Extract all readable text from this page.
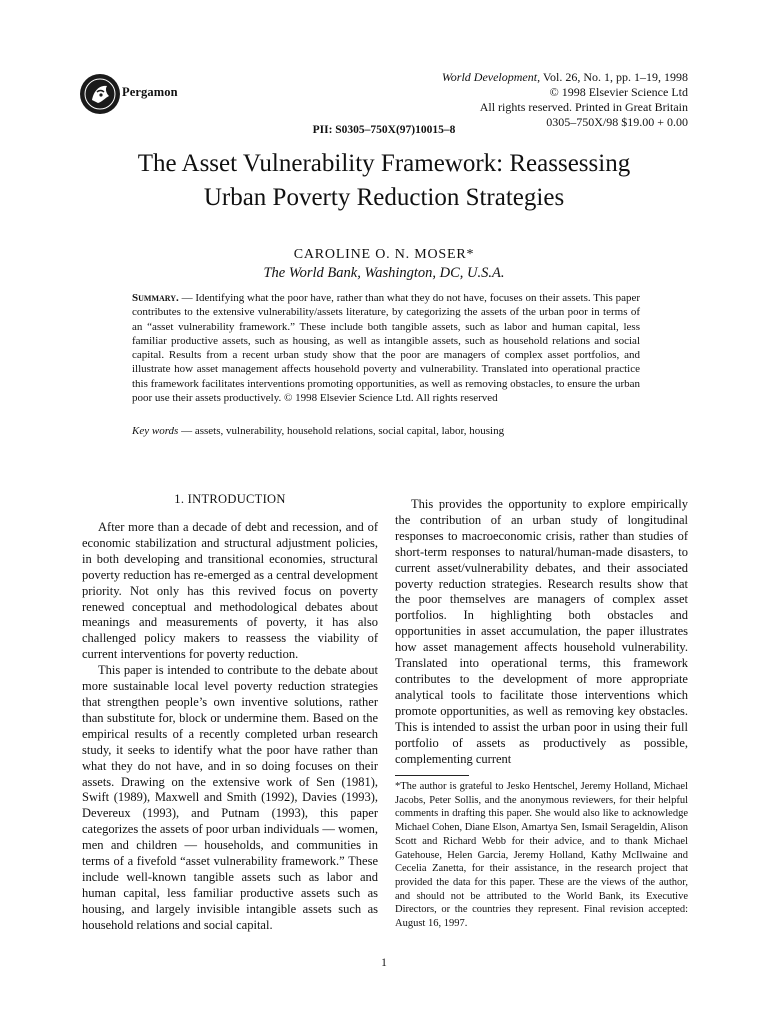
Pergamon
World Development, Vol. 26, No. 1, pp. 1–19, 1998
© 1998 Elsevier Science Ltd
All rights reserved. Printed in Great Britain
0305–750X/98 $19.00 + 0.00
PII: S0305–750X(97)10015–8
The Asset Vulnerability Framework: Reassessing
Urban Poverty Reduction Strategies
CAROLINE O. N. MOSER*
The World Bank, Washington, DC, U.S.A.
Summary. — Identifying what the poor have, rather than what they do not have, focuses on their assets. This paper contributes to the extensive vulnerability/assets literature, by categorizing the assets of the urban poor in terms of an “asset vulnerability framework.” These include both tangible assets, such as labor and human capital, less familiar productive assets, such as housing, as well as intangible assets, such as household relations and social capital. Results from a recent urban study show that the poor are managers of complex asset portfolios, and illustrate how asset management affects household poverty and vulnerability. Translated into operational practice this framework facilitates interventions promoting opportunities, as well as removing obstacles, to ensure the urban poor use their assets productively. © 1998 Elsevier Science Ltd. All rights reserved
Key words — assets, vulnerability, household relations, social capital, labor, housing
1. INTRODUCTION

After more than a decade of debt and recession, and of economic stabilization and structural adjustment policies, in both developing and transitional economies, structural poverty reduction has re-emerged as a central development priority. Not only has this revived focus on poverty renewed conceptual and methodological debates about meanings and measurements of poverty, it has also challenged policy makers to reassess the viability of current interventions for poverty reduction.

This paper is intended to contribute to the debate about more sustainable local level poverty reduction strategies that strengthen people’s own inventive solutions, rather than substitute for, block or undermine them. Based on the empirical results of a recently completed urban research study, it seeks to identify what the poor have rather than what they do not have, and in so doing focuses on their assets. Drawing on the extensive work of Sen (1981), Swift (1989), Maxwell and Smith (1992), Davies (1993), Devereux (1993), and Putnam (1993), this paper categorizes the assets of poor urban individuals — women, men and children — households, and communities in terms of a fivefold “asset vulnerability framework.” These include well-known tangible assets such as labor and human capital, less familiar productive assets such as housing, and largely invisible intangible assets such as household relations and social capital.

This provides the opportunity to explore empirically the contribution of an urban study of longitudinal responses to macroeconomic crisis, rather than studies of short-term responses to natural/human-made disasters, to current asset/vulnerability debates, and their associated poverty reduction strategies. Research results show that the poor themselves are managers of complex asset portfolios. In highlighting both obstacles and opportunities in asset accumulation, the paper illustrates how asset management affects household vulnerability. Translated into operational terms, this framework contributes to the development of more appropriate analytical tools to facilitate those interventions which promote opportunities, as well as removing key obstacles. This is intended to assist the urban poor in using their full portfolio of assets as productively as possible, complementing current

*The author is grateful to Jesko Hentschel, Jeremy Holland, Michael Jacobs, Peter Sollis, and the anonymous reviewers, for their helpful comments in drafting this paper. She would also like to acknowledge Michael Cohen, Diane Elson, Amartya Sen, Ismail Serageldin, Alison Scott and Richard Webb for their advice, and to thank Michael Gatehouse, Helen Garcia, Jeremy Holland, Kathy McIlwaine and Cecelia Zanetta, for their assistance, in the research project that provided the data for this paper. These are the views of the author, and should not be attributed to the World Bank, its Executive Directors, or the countries they represent. Final revision accepted: August 16, 1997.
1
